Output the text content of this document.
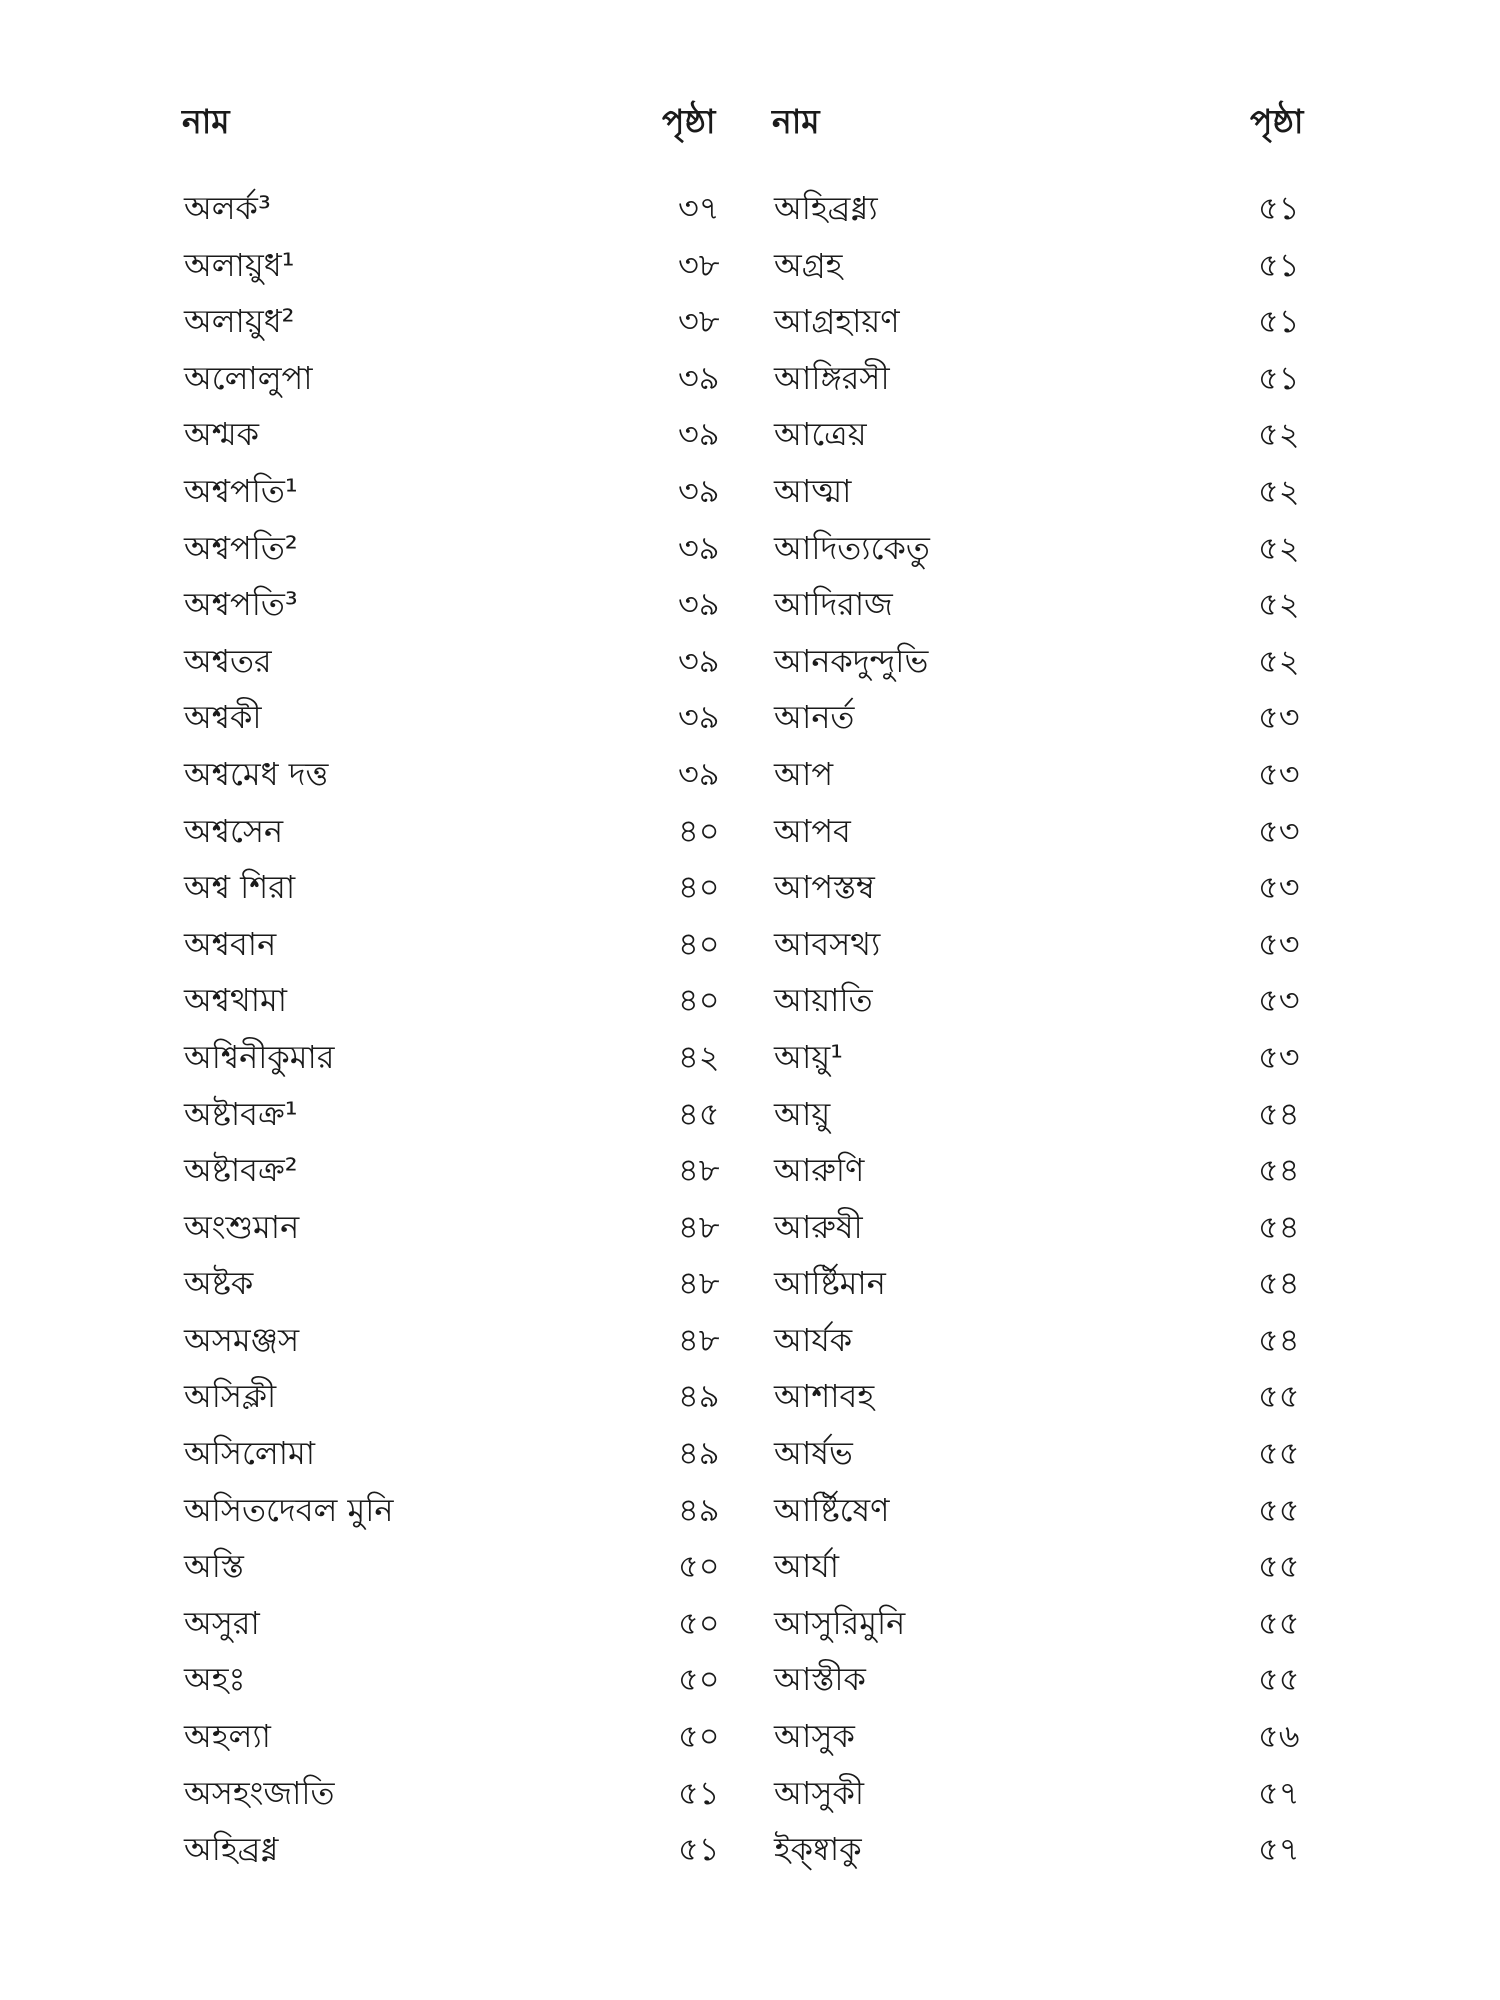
নাম	পৃষ্ঠা নাম	পৃষ্ঠা
অলর্ক³	৩৭ অহিব্রধ্ন্য	৫১
অলায়ুধ¹	৩৮ অগ্রহ	৫১
অলায়ুধ²	৩৮ আগ্রহায়ণ	৫১
অলোলুপা	৩৯ আঙ্গিরসী	৫১
অশ্মক	৩৯ আত্রেয়	৫২
অশ্বপতি¹	৩৯ আত্মা	৫২
অশ্বপতি²	৩৯ আদিত্যকেতু	৫২
অশ্বপতি³	৩৯ আদিরাজ	৫২
অশ্বতর	৩৯ আনকদুন্দুভি	৫২
অশ্বকী	৩৯ আনর্ত	৫৩
অশ্বমেধ দত্ত	৩৯ আপ	৫৩
অশ্বসেন	৪০ আপব	৫৩
অশ্ব শিরা	৪০ আপস্তম্ব	৫৩
অশ্ববান	৪০ আবসথ্য	৫৩
অশ্বথামা	৪০ আয়াতি	৫৩
অশ্বিনীকুমার	৪২ আয়ু¹	৫৩
অষ্টাবক্র¹	৪৫ আয়ু	৫৪
অষ্টাবক্র²	৪৮ আরুণি	৫৪
অংশুমান	৪৮ আরুষী	৫৪
অষ্টক	৪৮ আর্ষ্টিমান	৫৪
অসমঞ্জস	৪৮ আর্যক	৫৪
অসিক্লী	৪৯ আশাবহ	৫৫
অসিলোমা	৪৯ আর্ষভ	৫৫
অসিতদেবল মুনি	৪৯ আর্ষ্টিষেণ	৫৫
অস্তি	৫০ আর্যা	৫৫
অসুরা	৫০ আসুরিমুনি	৫৫
অহঃ	৫০ আস্তীক	৫৫
অহল্যা	৫০ আসুক	৫৬
অসহংজাতি	৫১ আসুকী	৫৭
অহিব্রধ্ন	৫১ ইক্ষ্বাকু	৫৭
